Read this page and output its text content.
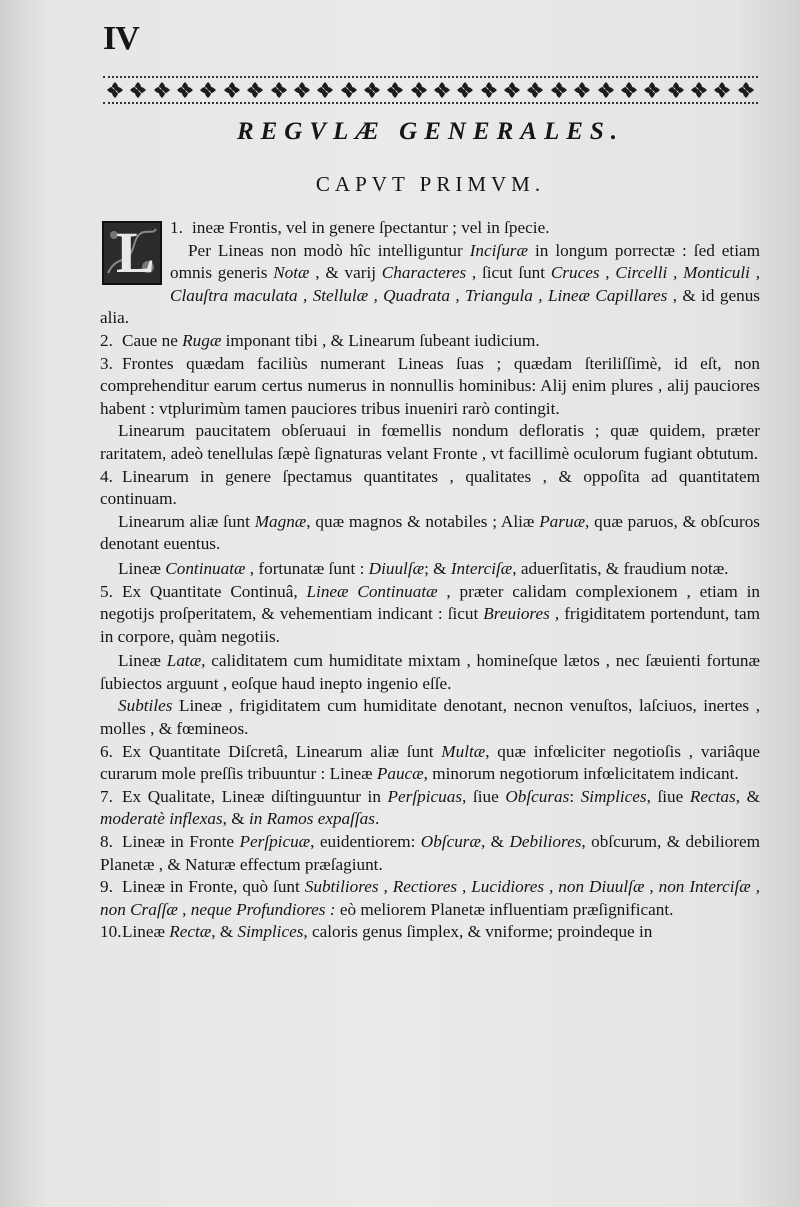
IV
REGVLÆ GENERALES.
CAPVT PRIMVM.

1.
L ineæ Frontis, vel in genere ſpectantur ; vel in ſpecie.

Per Lineas non modò hîc intelliguntur Inciſuræ in longum porrectæ : ſed etiam omnis generis Notæ , & varij Characteres , ſicut ſunt Cruces , Circelli , Monticuli , Clauſtra maculata , Stellulæ , Quadrata , Triangula , Lineæ Capillares , & id genus alia.

2. Caue ne Rugæ imponant tibi , & Linearum ſubeant iudicium.

3. Frontes quædam faciliùs numerant Lineas ſuas ; quædam ſteriliſſimè, id eſt, non comprehenditur earum certus numerus in nonnullis hominibus: Alij enim plures , alij pauciores habent : vtplurimùm tamen pauciores tribus inueniri rarò contingit.

Linearum paucitatem obſeruaui in fœmellis nondum defloratis ; quæ quidem, præter raritatem, adeò tenellulas ſæpè ſignaturas velant Fronte , vt facillimè oculorum fugiant obtutum.

4. Linearum in genere ſpectamus quantitates , qualitates , & oppoſita ad quantitatem continuam.

Linearum aliæ ſunt Magnæ, quæ magnos & notabiles ; Aliæ Paruæ, quæ paruos, & obſcuros denotant euentus.

Lineæ Continuatæ , fortunatæ ſunt : Diuulſæ; & Interciſæ, aduerſitatis, & fraudium notæ.

5. Ex Quantitate Continuâ, Lineæ Continuatæ , præter calidam complexionem , etiam in negotijs proſperitatem, & vehementiam indicant : ſicut Breuiores , frigiditatem portendunt, tam in corpore, quàm negotiis.

Lineæ Latæ, caliditatem cum humiditate mixtam , homineſque lætos , nec ſæuienti fortunæ ſubiectos arguunt , eoſque haud inepto ingenio eſſe.

Subtiles Lineæ , frigiditatem cum humiditate denotant, necnon venuſtos, laſciuos, inertes , molles , & fœmineos.

6. Ex Quantitate Diſcretâ, Linearum aliæ ſunt Multæ, quæ infœliciter negotioſis , variâque curarum mole preſſis tribuuntur : Lineæ Paucæ, minorum negotiorum infœlicitatem indicant.

7. Ex Qualitate, Lineæ diſtinguuntur in Perſpicuas, ſiue Obſcuras: Simplices, ſiue Rectas, & moderatè inflexas, & in Ramos expaſſas.

8. Lineæ in Fronte Perſpicuæ, euidentiorem: Obſcuræ, & Debiliores, obſcurum, & debiliorem Planetæ , & Naturæ effectum præſagiunt.

9. Lineæ in Fronte, quò ſunt Subtiliores , Rectiores , Lucidiores , non Diuulſæ , non Interciſæ , non Craſſæ , neque Profundiores : eò meliorem Planetæ influentiam præſignificant.

10.Lineæ Rectæ, & Simplices, caloris genus ſimplex, & vniforme; proindeque in
